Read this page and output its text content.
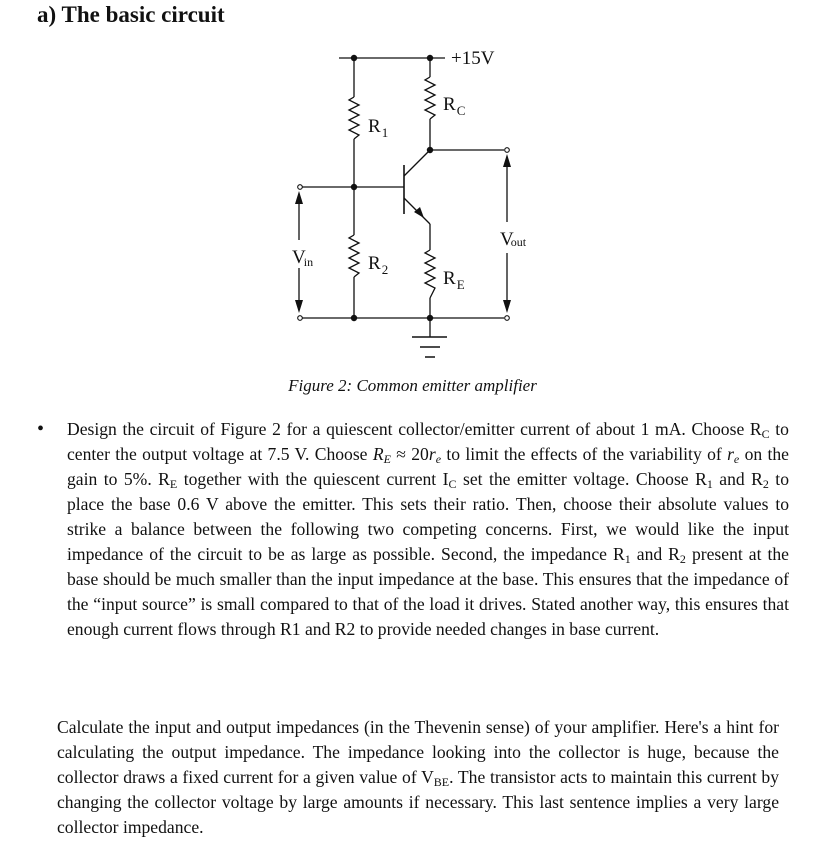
a) The basic circuit
+15V
$R_1$
$R_2$
$R_C$
$R_E$
Vin
Vout
Figure 2: Common emitter amplifier
• Design the circuit of Figure 2 for a quiescent collector/emitter current of about 1 mA. Choose $R_C$ to center the output voltage at 7.5 V. Choose $R_E \approx 20r_e$ to limit the effects of the variability of $r_e$ on the gain to 5%. $R_E$ together with the quiescent current $I_C$ set the emitter voltage. Choose $R_1$ and $R_2$ to place the base 0.6 V above the emitter. This sets their ratio. Then, choose their absolute values to strike a balance between the following two competing concerns. First, we would like the input impedance of the circuit to be as large as possible. Second, the impedance $R_1$ and $R_2$ present at the base should be much smaller than the input impedance at the base. This ensures that the impedance of the “input source” is small compared to that of the load it drives. Stated another way, this ensures that enough current flows through R1 and R2 to provide needed changes in base current.
Calculate the input and output impedances (in the Thevenin sense) of your amplifier. Here's a hint for calculating the output impedance. The impedance looking into the collector is huge, because the collector draws a fixed current for a given value of $V_{BE}$. The transistor acts to maintain this current by changing the collector voltage by large amounts if necessary. This last sentence implies a very large collector impedance.
